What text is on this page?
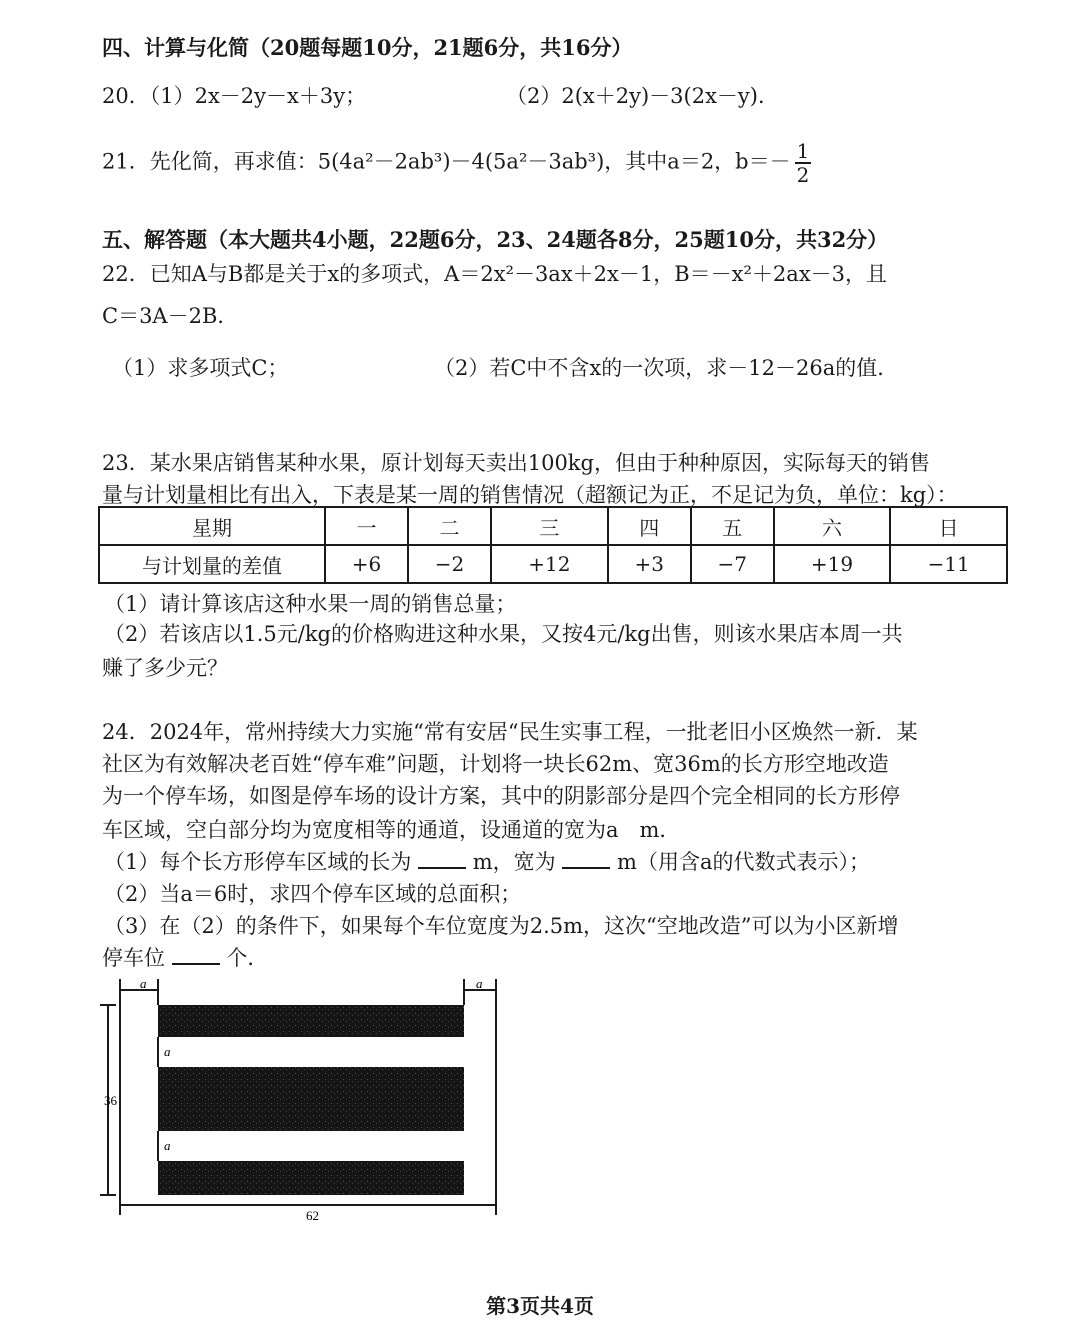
四、计算与化简（20题每题10分，21题6分，共16分）
20．（1）2x－2y－x＋3y；	（2）2(x＋2y)－3(2x－y)．
21．先化简，再求值：5(4a²－2ab³)－4(5a²－3ab³)，其中a＝2，$b=- \frac{1}{2}$
五、解答题（本大题共4小题，22题6分，23、24题各8分，25题10分，共32分）
22．已知A与B都是关于x的多项式，A＝2x²－3ax＋2x－1，B＝－x²＋2ax－3，且
C＝3A－2B．
（1）求多项式C；	（2）若C中不含x的一次项，求－12－26a的值．
23．某水果店销售某种水果，原计划每天卖出100kg，但由于种种原因，实际每天的销售
量与计划量相比有出入，下表是某一周的销售情况（超额记为正，不足记为负，单位：kg）：
星期	一	二	三	四	五	六	日
与计划量的差值	+6	−2	+12	+3	−7	+19	−11
（1）请计算该店这种水果一周的销售总量；
（2）若该店以1.5元/kg的价格购进这种水果，又按4元/kg出售，则该水果店本周一共
赚了多少元？
24．2024年，常州持续大力实施“常有安居“民生实事工程，一批老旧小区焕然一新．某
社区为有效解决老百姓“停车难”问题，计划将一块长62m、宽36m的长方形空地改造
为一个停车场，如图是停车场的设计方案，其中的阴影部分是四个完全相同的长方形停
车区域，空白部分均为宽度相等的通道，设通道的宽为a　m．
（1）每个长方形停车区域的长为	m，宽为	m（用含a的代数式表示）；
（2）当a＝6时，求四个停车区域的总面积；
（3）在（2）的条件下，如果每个车位宽度为2.5m，这次“空地改造”可以为小区新增
停车位	个．
a	a
a
a
36
62
第3页共4页
